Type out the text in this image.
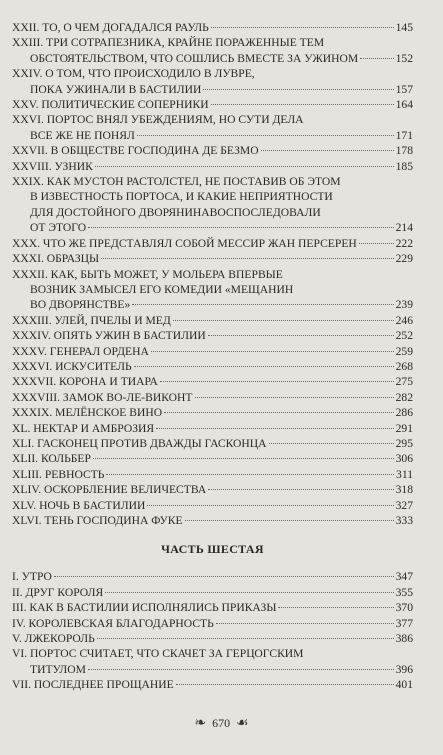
XXII. ТО, О ЧЕМ ДОГАДАЛСЯ РАУЛЬ	145
XXIII. ТРИ СОТРАПЕЗНИКА, КРАЙНЕ ПОРАЖЕННЫЕ ТЕМ
ОБСТОЯТЕЛЬСТВОМ, ЧТО СОШЛИСЬ ВМЕСТЕ ЗА УЖИНОМ	152
XXIV. О ТОМ, ЧТО ПРОИСХОДИЛО В ЛУВРЕ,
ПОКА УЖИНАЛИ В БАСТИЛИИ	157
XXV. ПОЛИТИЧЕСКИЕ СОПЕРНИКИ	164
XXVI. ПОРТОС ВНЯЛ УБЕЖДЕНИЯМ, НО СУТИ ДЕЛА
ВСЕ ЖЕ НЕ ПОНЯЛ	171
XXVII. В ОБЩЕСТВЕ ГОСПОДИНА ДЕ БЕЗМО	178
XXVIII. УЗНИК	185
XXIX. КАК МУСТОН РАСТОЛСТЕЛ, НЕ ПОСТАВИВ ОБ ЭТОМ
В ИЗВЕСТНОСТЬ ПОРТОСА, И КАКИЕ НЕПРИЯТНОСТИ
ДЛЯ ДОСТОЙНОГО ДВОРЯНИНАВОСПОСЛЕДОВАЛИ
ОТ ЭТОГО	214
XXX. ЧТО ЖЕ ПРЕДСТАВЛЯЛ СОБОЙ МЕССИР ЖАН ПЕРСЕРЕН	222
XXXI. ОБРАЗЦЫ	229
XXXII. КАК, БЫТЬ МОЖЕТ, У МОЛЬЕРА ВПЕРВЫЕ
ВОЗНИК ЗАМЫСЕЛ ЕГО КОМЕДИИ «МЕЩАНИН
ВО ДВОРЯНСТВЕ»	239
XXXIII. УЛЕЙ, ПЧЕЛЫ И МЕД	246
XXXIV. ОПЯТЬ УЖИН В БАСТИЛИИ	252
XXXV. ГЕНЕРАЛ ОРДЕНА	259
XXXVI. ИСКУСИТЕЛЬ	268
XXXVII. КОРОНА И ТИАРА	275
XXXVIII. ЗАМОК ВО-ЛЕ-ВИКОНТ	282
XXXIX. МЕЛЁНСКОЕ ВИНО	286
XL. НЕКТАР И АМБРОЗИЯ	291
XLI. ГАСКОНЕЦ ПРОТИВ ДВАЖДЫ ГАСКОНЦА	295
XLII. КОЛЬБЕР	306
XLIII. РЕВНОСТЬ	311
XLIV. ОСКОРБЛЕНИЕ ВЕЛИЧЕСТВА	318
XLV. НОЧЬ В БАСТИЛИИ	327
XLVI. ТЕНЬ ГОСПОДИНА ФУКЕ	333
ЧАСТЬ ШЕСТАЯ
I. УТРО	347
II. ДРУГ КОРОЛЯ	355
III. КАК В БАСТИЛИИ ИСПОЛНЯЛИСЬ ПРИКАЗЫ	370
IV. КОРОЛЕВСКАЯ БЛАГОДАРНОСТЬ	377
V. ЛЖЕКОРОЛЬ	386
VI. ПОРТОС СЧИТАЕТ, ЧТО СКАЧЕТ ЗА ГЕРЦОГСКИМ
ТИТУЛОМ	396
VII. ПОСЛЕДНЕЕ ПРОЩАНИЕ	401
❧ 670 ☙
